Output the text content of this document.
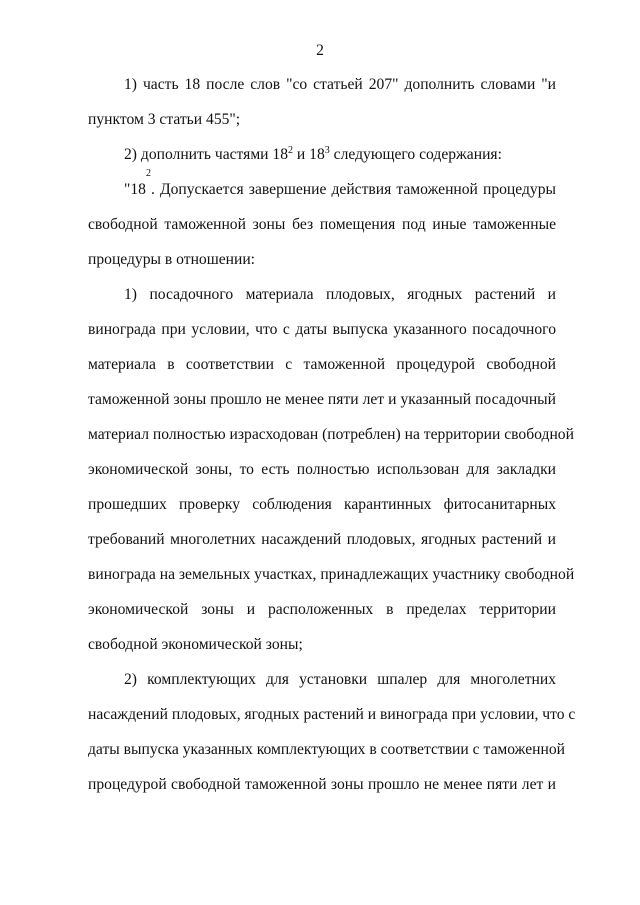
2
1) часть 18 после слов "со статьей 207" дополнить словами "и
пунктом 3 статьи 455";
2) дополнить частями $18^2$ и $18^3$ следующего содержания:
"18
$^2$
. Допускается завершение действия таможенной процедуры
свободной таможенной зоны без помещения под иные таможенные
процедуры в отношении:
1) посадочного материала плодовых, ягодных растений и
винограда при условии, что с даты выпуска указанного посадочного
материала в соответствии с таможенной процедурой свободной
таможенной зоны прошло не менее пяти лет и указанный посадочный
материал полностью израсходован (потреблен) на территории свободной
экономической зоны, то есть полностью использован для закладки
прошедших проверку соблюдения карантинных фитосанитарных
требований многолетних насаждений плодовых, ягодных растений и
винограда на земельных участках, принадлежащих участнику свободной
экономической зоны и расположенных в пределах территории
свободной экономической зоны;
2) комплектующих для установки шпалер для многолетних
насаждений плодовых, ягодных растений и винограда при условии, что с
даты выпуска указанных комплектующих в соответствии с таможенной
процедурой свободной таможенной зоны прошло не менее пяти лет и
